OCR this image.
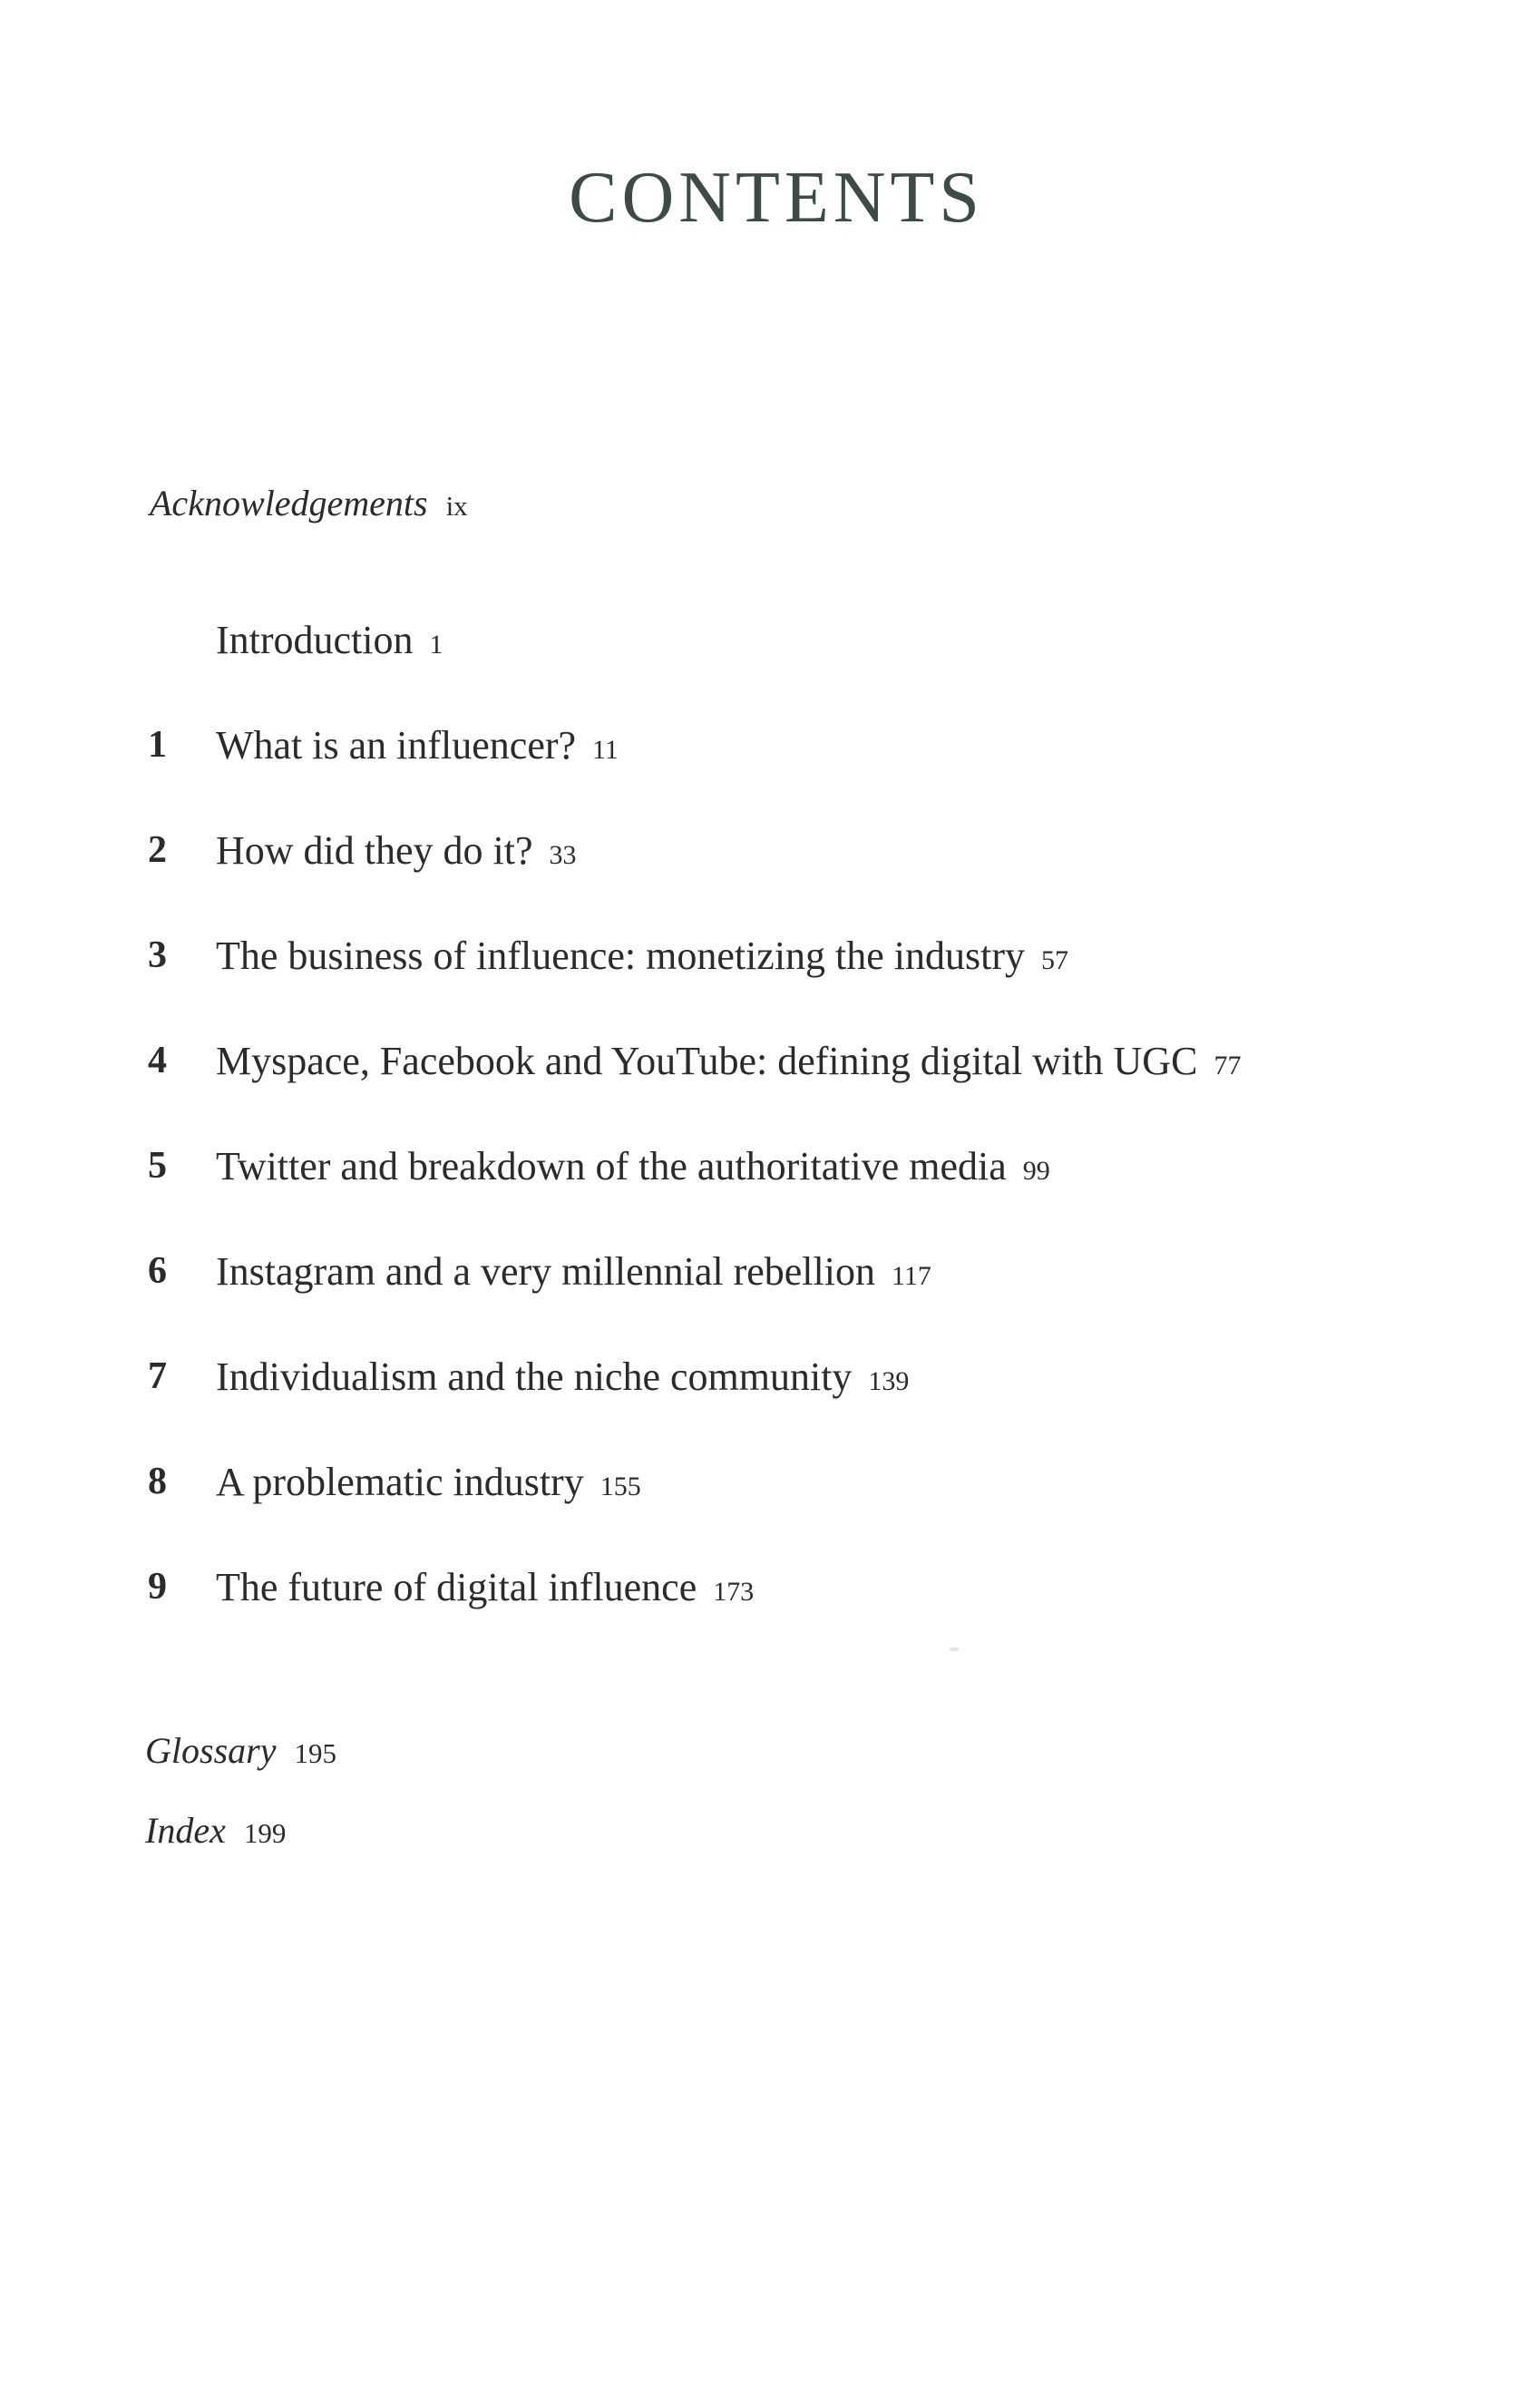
CONTENTS
Acknowledgements ix
Introduction 1
1 What is an influencer? 11
2 How did they do it? 33
3 The business of influence: monetizing the industry 57
4 Myspace, Facebook and YouTube: defining digital with UGC 77
5 Twitter and breakdown of the authoritative media 99
6 Instagram and a very millennial rebellion 117
7 Individualism and the niche community 139
8 A problematic industry 155
9 The future of digital influence 173
Glossary 195
Index 199
